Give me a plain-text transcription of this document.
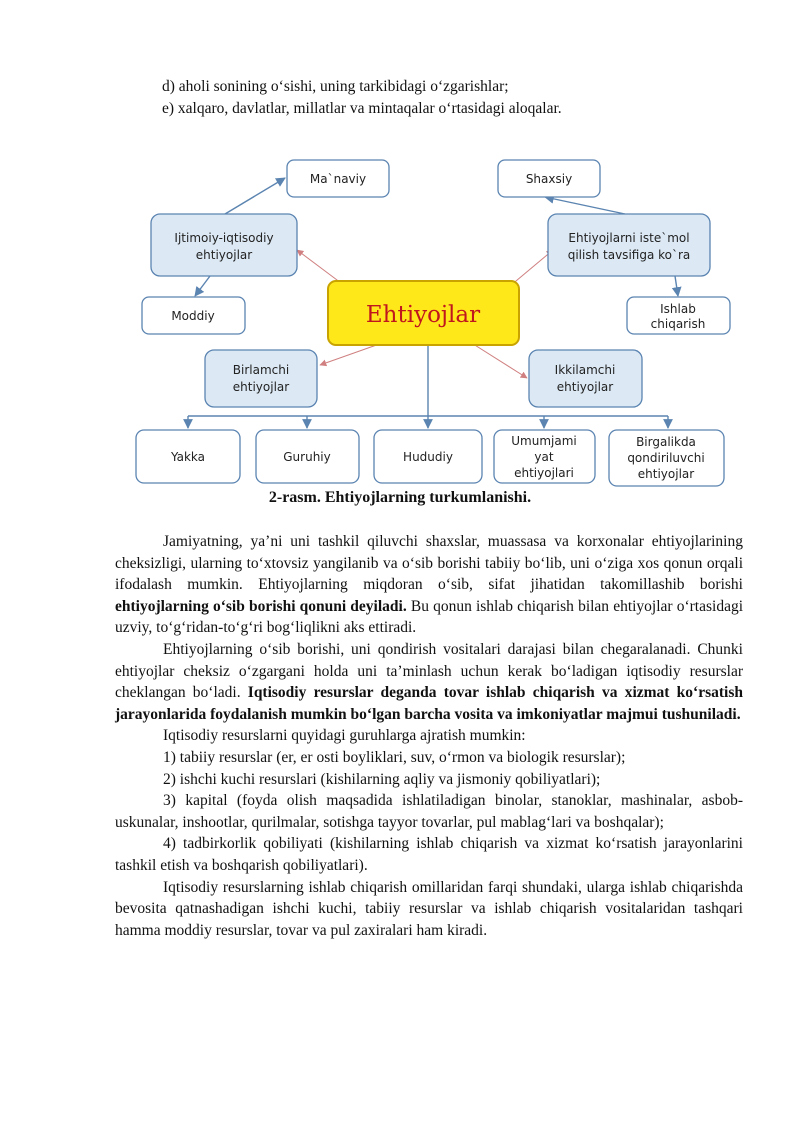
d) aholi sonining o‘sishi, uning tarkibidagi o‘zgarishlar;
e) xalqaro, davlatlar, millatlar va mintaqalar o‘rtasidagi aloqalar.
Ma`naviy	Shaxsiy
Ijtimoiy-iqtisodiy
ehtiyojlar
Ehtiyojlarni iste`mol
qilish tavsifiga ko`ra
Moddiy	Ehtiyojlar	Ishlab
chiqarish
Birlamchi
ehtiyojlar
Ikkilamchi
ehtiyojlar
Yakka	Guruhiy	Hududiy
Umumjami
yat
ehtiyojlari
Birgalikda
qondiriluvchi
ehtiyojlar
2-rasm. Ehtiyojlarning turkumlanishi.

Jamiyatning, ya’ni uni tashkil qiluvchi shaxslar, muassasa va korxonalar ehtiyojlarining cheksizligi, ularning to‘xtovsiz yangilanib va o‘sib borishi tabiiy bo‘lib, uni o‘ziga xos qonun orqali ifodalash mumkin. Ehtiyojlarning miqdoran o‘sib, sifat jihatidan takomillashib borishi ehtiyojlarning o‘sib borishi qonuni deyiladi. Bu qonun ishlab chiqarish bilan ehtiyojlar o‘rtasidagi uzviy, to‘g‘ridan-to‘g‘ri bog‘liqlikni aks ettiradi.

Ehtiyojlarning o‘sib borishi, uni qondirish vositalari darajasi bilan chegaralanadi. Chunki ehtiyojlar cheksiz o‘zgargani holda uni ta’minlash uchun kerak bo‘ladigan iqtisodiy resurslar cheklangan bo‘ladi. Iqtisodiy resurslar deganda tovar ishlab chiqarish va xizmat ko‘rsatish jarayonlarida foydalanish mumkin bo‘lgan barcha vosita va imkoniyatlar majmui tushuniladi.

Iqtisodiy resurslarni quyidagi guruhlarga ajratish mumkin:

1) tabiiy resurslar (er, er osti boyliklari, suv, o‘rmon va biologik resurslar);

2) ishchi kuchi resurslari (kishilarning aqliy va jismoniy qobiliyatlari);

3) kapital (foyda olish maqsadida ishlatiladigan binolar, stanoklar, mashinalar, asbob-uskunalar, inshootlar, qurilmalar, sotishga tayyor tovarlar, pul mablag‘lari va boshqalar);

4) tadbirkorlik qobiliyati (kishilarning ishlab chiqarish va xizmat ko‘rsatish jarayonlarini tashkil etish va boshqarish qobiliyatlari).

Iqtisodiy resurslarning ishlab chiqarish omillaridan farqi shundaki, ularga ishlab chiqarishda bevosita qatnashadigan ishchi kuchi, tabiiy resurslar va ishlab chiqarish vositalaridan tashqari hamma moddiy resurslar, tovar va pul zaxiralari ham kiradi.
